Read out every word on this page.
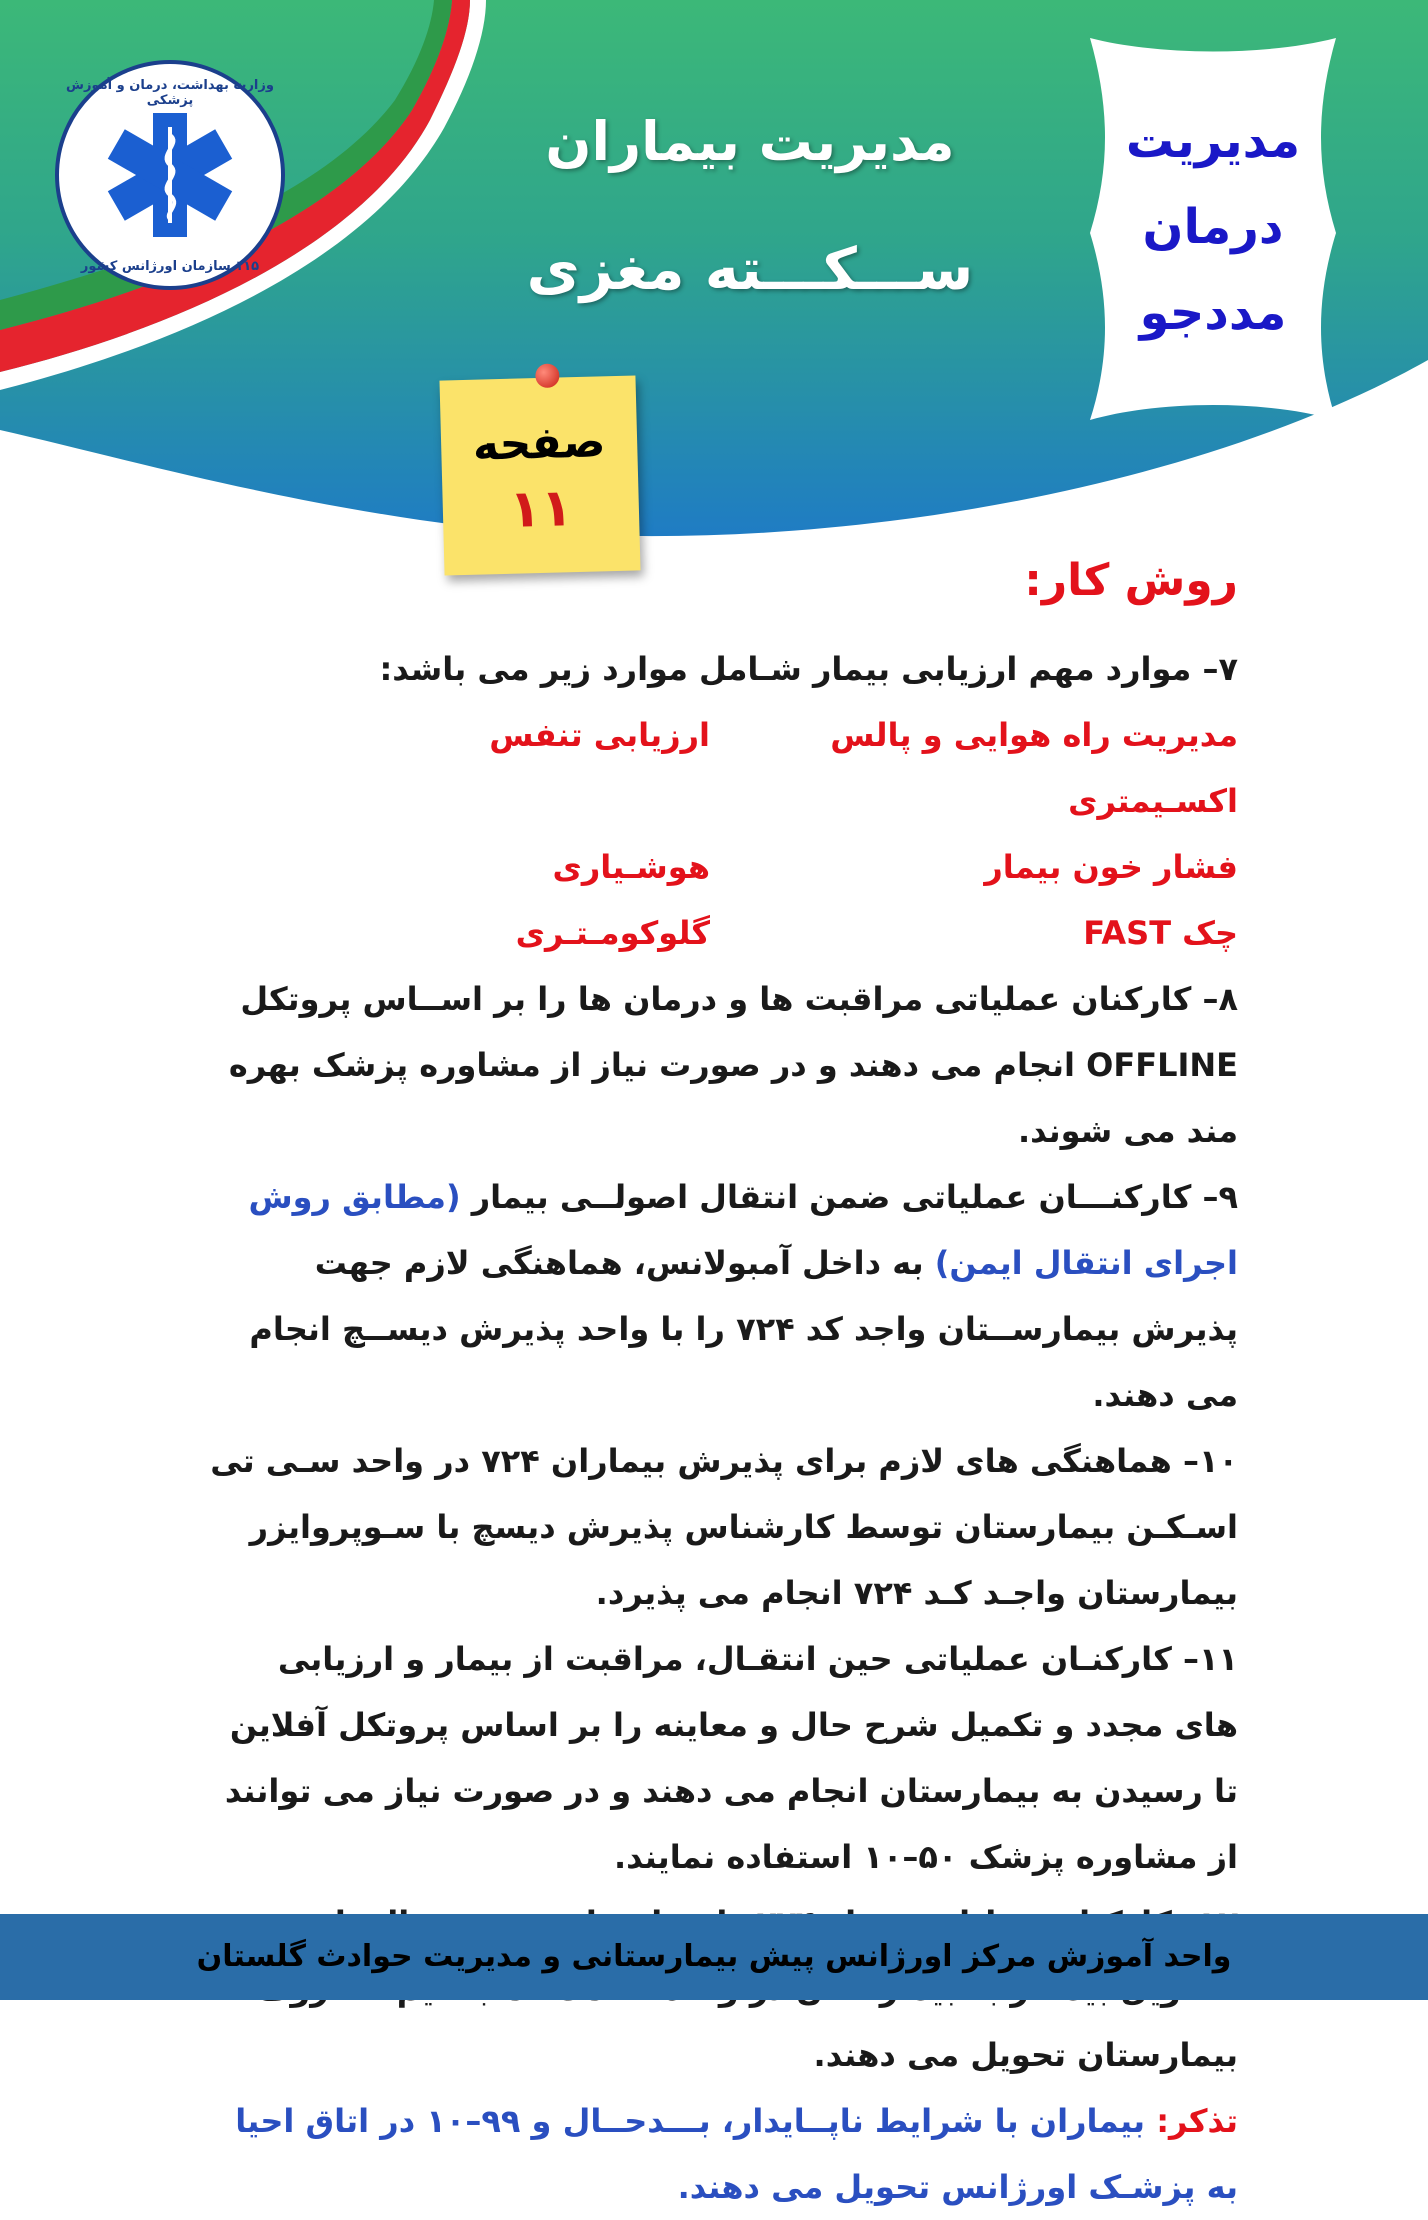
وزارت بهداشت، درمان و آموزش پزشکی
۱۱۵ سازمان اورژانس کشور
مدیریت بیماران
ســـکـــته مغزی
مدیریت
درمان
مددجو
صفحه
۱۱
روش کار:

۷– موارد مهم ارزیابی بیمار شـامل موارد زیر می باشد:

مدیریت راه هوایی و پالس اکسـیمتری
ارزیابی تنفس
فشار خون بیمار
هوشـیاری
چک FAST
گلوکومـتـری

۸– کارکنان عملیاتی مراقبت ها و درمان ها را بر اســاس پروتکل OFFLINE انجام می دهند و در صورت نیاز از مشاوره پزشک بهره مند می شوند.

۹– کارکنـــان عملیاتی ضمن انتقال اصولــی بیمار (مطابق روش اجرای انتقال ایمن) به داخل آمبولانس، هماهنگی لازم جهت پذیرش بیمارســتان واجد کد ۷۲۴ را با واحد پذیرش دیســچ انجام می دهند.

۱۰– هماهنگی های لازم برای پذیرش بیماران ۷۲۴ در واحد سـی تی اسـکـن بیمارستان توسط کارشناس پذیرش دیسچ با سـوپروایزر بیمارستان واجـد کـد ۷۲۴ انجام می پذیرد.

۱۱– کارکنـان عملیاتی حین انتقـال، مراقبت از بیمار و ارزیابی های مجدد و تکمیل شرح حال و معاینه را بر اساس پروتکل آفلاین تا رسیدن به بیمارستان انجام می دهند و در صورت نیاز می توانند از مشاوره پزشک ۵۰–۱۰ استفاده نمایند.

بیمارستان تحویل می دهند.

تذکر: بیماران با شرایط ناپــایدار، بـــدحــال و ۹۹–۱۰ در اتاق احیا به پزشـک اورژانس تحویل می دهند.

واحد آموزش مرکز اورژانس پیش بیمارستانی و مدیریت حوادث گلستان
